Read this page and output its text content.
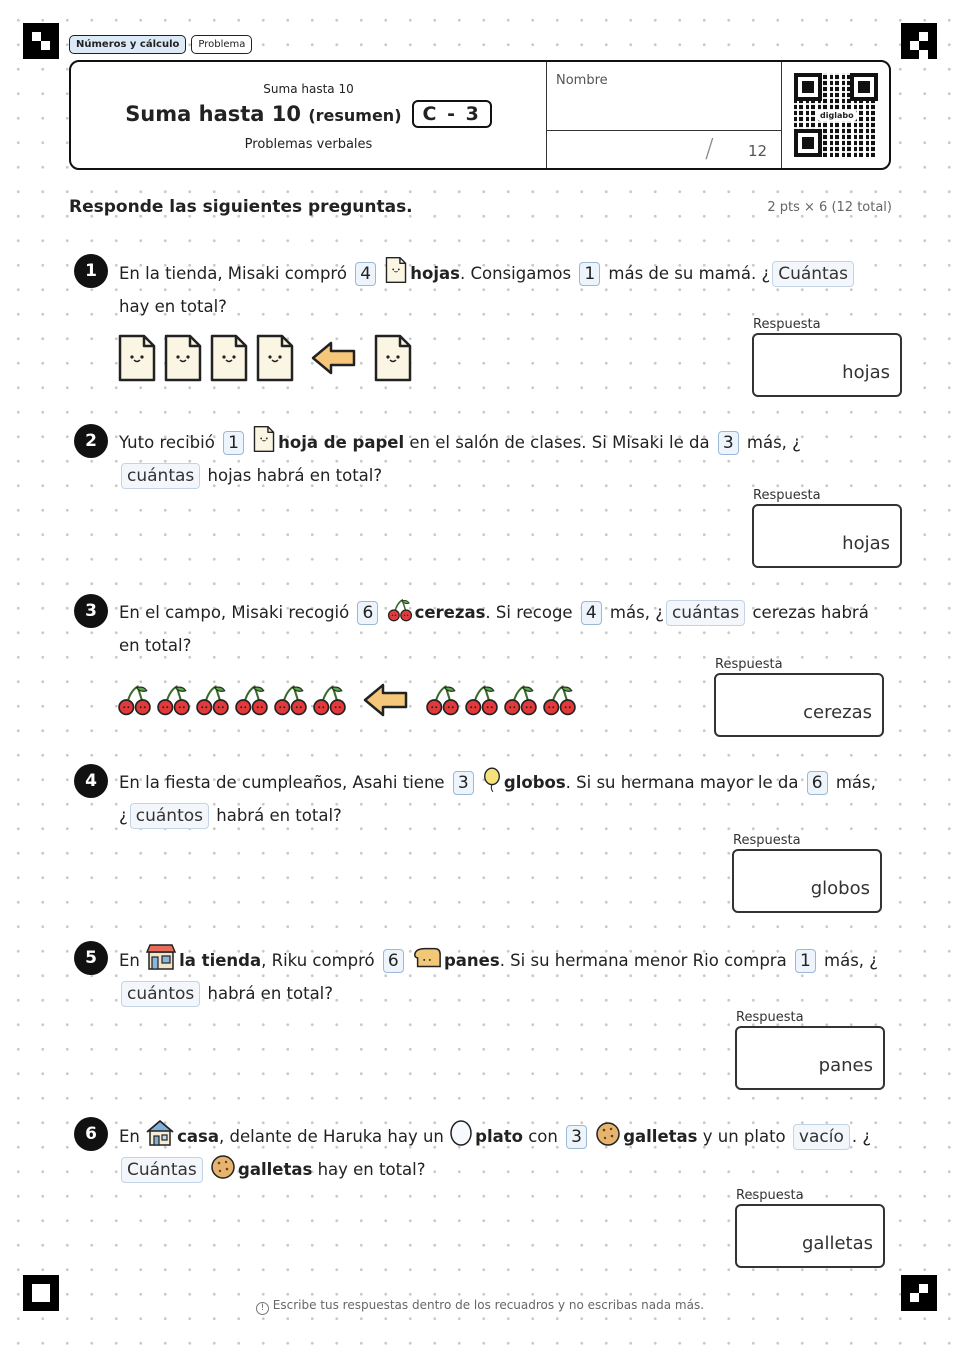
Números y cálculo	Problema
Suma hasta 10
Suma hasta 10 (resumen)	C - 3
Problemas verbales
Nombre
/ 12
diglabo
Responde las siguientes preguntas.	2 pts × 6 (12 total)
1	En la tienda, Misaki compró 4 hojas. Consigamos 1 más de su mamá. ¿ Cuántas hay en total?
Respuesta
hojas
2	Yuto recibió 1 hoja de papel en el salón de clases. Si Misaki le da 3 más, ¿cuántas hojas habrá en total?
Respuesta
hojas
3	En el campo, Misaki recogió 6	cerezas. Si recoge 4 más, ¿ cuántas cerezas habrá en total?
Respuesta
cerezas
4	En la fiesta de cumpleaños, Asahi tiene 3 globos. Si su hermana mayor le da 6 más, ¿ cuántos habrá en total?
Respuesta
globos
5	En la tienda, Riku compró 6	panes. Si su hermana menor Rio compra 1 más, ¿cuántos habrá en total?
Respuesta
panes
6	En casa, delante de Haruka hay un plato con 3	galletas y un plato vacío . ¿ Cuántas	galletas hay en total?
Respuesta
galletas
! Escribe tus respuestas dentro de los recuadros y no escribas nada más.
